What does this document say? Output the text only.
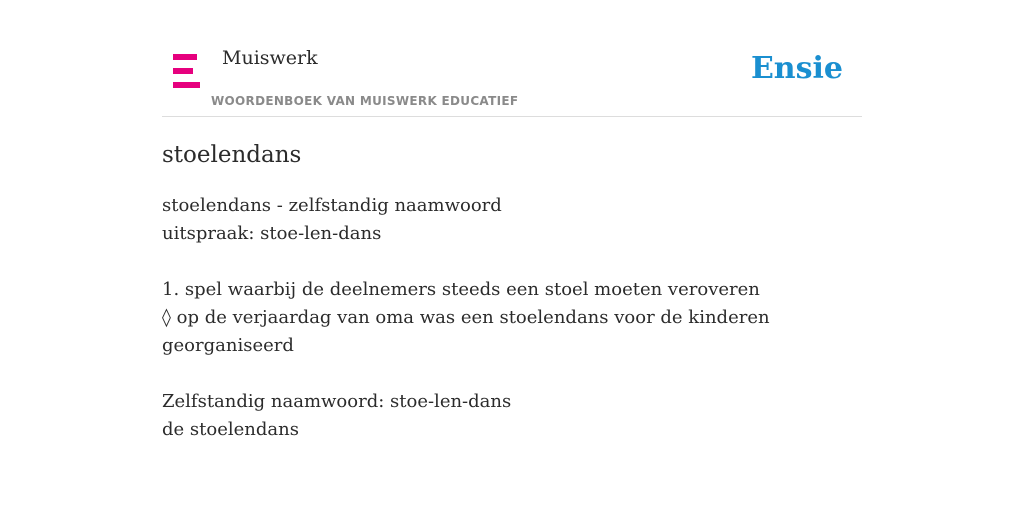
Muiswerk
WOORDENBOEK VAN MUISWERK EDUCATIEF
Ensie
stoelendans
stoelendans - zelfstandig naamwoord
uitspraak: stoe-len-dans
1. spel waarbij de deelnemers steeds een stoel moeten veroveren
◊ op de verjaardag van oma was een stoelendans voor de kinderen
georganiseerd
Zelfstandig naamwoord: stoe-len-dans
de stoelendans
